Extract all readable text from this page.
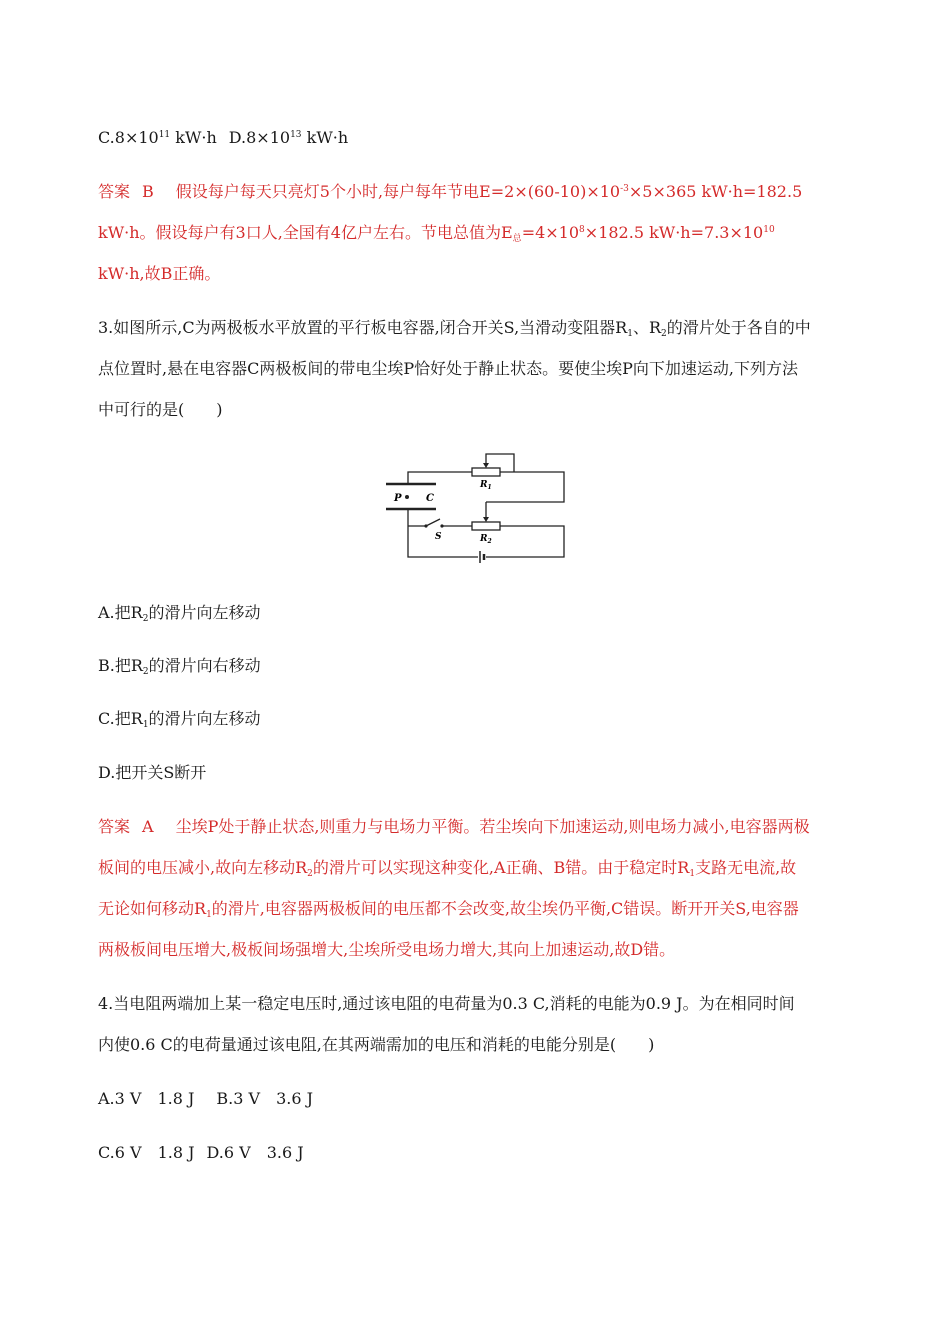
$C.8\times 10^{11}$ kW·h $D.8\times 10^{13}$ kW·h
答案 B 假设每户每天只亮灯5个小时,每户每年节电$E=2\times(60-10)\times 10^{-3}\times 5\times 365$ kW·h=182.5
kW·h。假设每户有3口人,全国有4亿户左右。节电总值为$E_总=4\times 10^8\times 182.5$ $kW\cdot h=7.3\times 10^{10}$
kW·h,故B正确。
3.如图所示,C为两极板水平放置的平行板电容器,闭合开关S,当滑动变阻器$R_1$、$R_2$的滑片处于各自的中
点位置时,悬在电容器C两极板间的带电尘埃P恰好处于静止状态。要使尘埃P向下加速运动,下列方法
中可行的是(　　)
P C
$R_1$
$R_2$
S
A.把$R_2$的滑片向左移动
B.把$R_2$的滑片向右移动
C.把$R_1$的滑片向左移动
D.把开关S断开
答案 A 尘埃P处于静止状态,则重力与电场力平衡。若尘埃向下加速运动,则电场力减小,电容器两极
板间的电压减小,故向左移动$R_2$的滑片可以实现这种变化,A正确、B错。由于稳定时$R_1$支路无电流,故
无论如何移动$R_1$的滑片,电容器两极板间的电压都不会改变,故尘埃仍平衡,C错误。断开开关S,电容器
两极板间电压增大,极板间场强增大,尘埃所受电场力增大,其向上加速运动,故D错。
4.当电阻两端加上某一稳定电压时,通过该电阻的电荷量为0.3 C,消耗的电能为0.9 J。为在相同时间
内使0.6 C的电荷量通过该电阻,在其两端需加的电压和消耗的电能分别是(　　)
A.3 V　1.8 J B.3 V　3.6 J
C.6 V　1.8 J D.6 V　3.6 J
